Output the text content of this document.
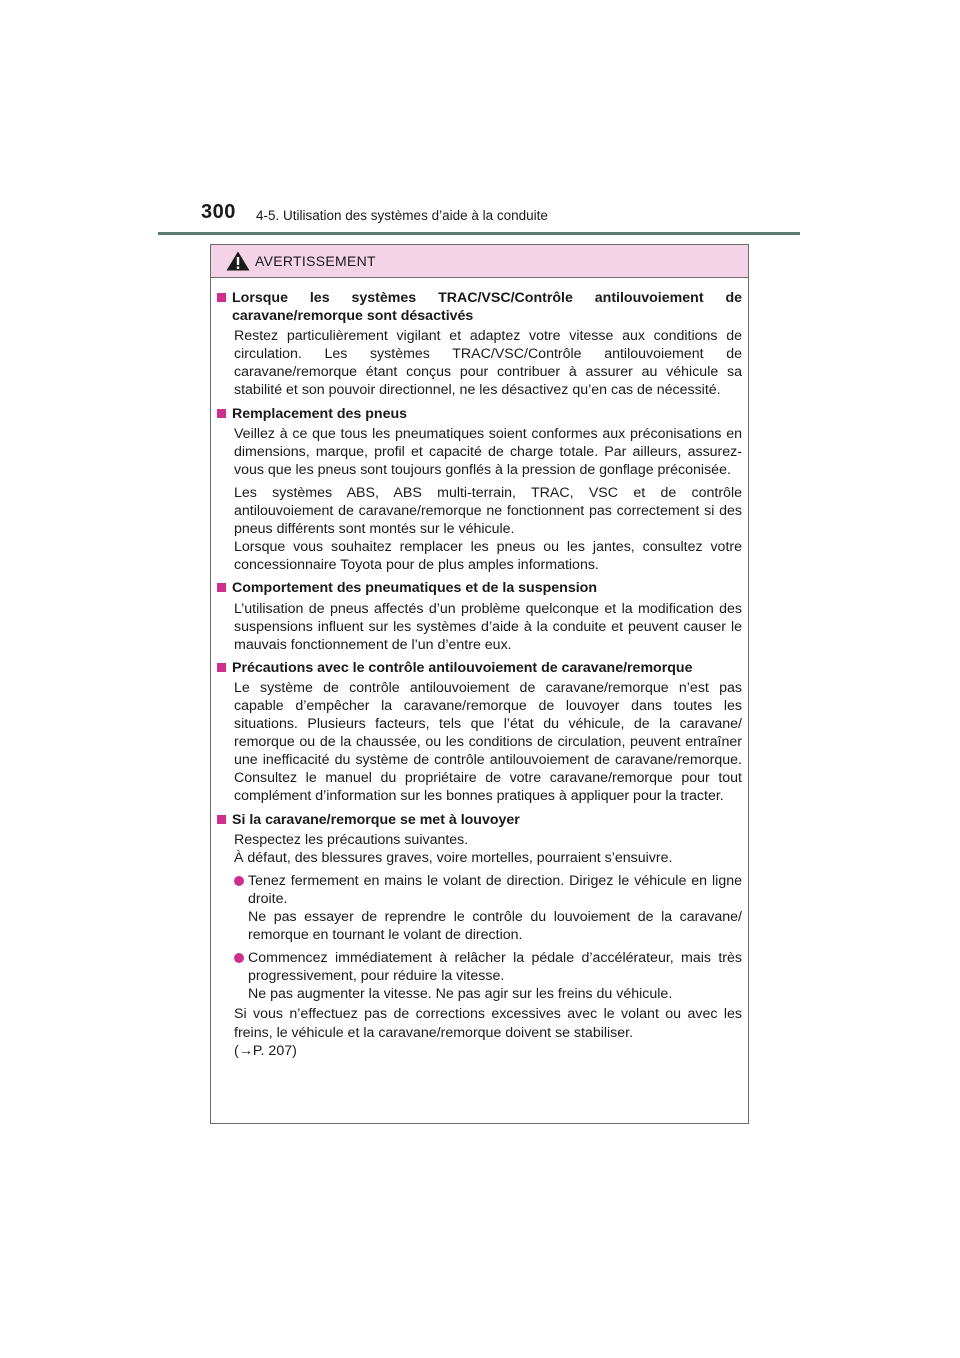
300 4-5. Utilisation des systèmes d’aide à la conduite
AVERTISSEMENT
Lorsque les systèmes TRAC/VSC/Contrôle antilouvoiement de caravane/remorque sont désactivés
Restez particulièrement vigilant et adaptez votre vitesse aux conditions de circulation. Les systèmes TRAC/VSC/Contrôle antilouvoiement de caravane/remorque étant conçus pour contribuer à assurer au véhicule sa stabilité et son pouvoir directionnel, ne les désactivez qu’en cas de nécessité.
Remplacement des pneus
Veillez à ce que tous les pneumatiques soient conformes aux préconisations en dimensions, marque, profil et capacité de charge totale. Par ailleurs, assurez-vous que les pneus sont toujours gonflés à la pression de gonflage préconisée.
Les systèmes ABS, ABS multi-terrain, TRAC, VSC et de contrôle antilouvoiement de caravane/remorque ne fonctionnent pas correctement si des pneus différents sont montés sur le véhicule.
Lorsque vous souhaitez remplacer les pneus ou les jantes, consultez votre concessionnaire Toyota pour de plus amples informations.
Comportement des pneumatiques et de la suspension
L’utilisation de pneus affectés d’un problème quelconque et la modification des suspensions influent sur les systèmes d’aide à la conduite et peuvent causer le mauvais fonctionnement de l’un d’entre eux.
Précautions avec le contrôle antilouvoiement de caravane/remorque
Le système de contrôle antilouvoiement de caravane/remorque n’est pas capable d’empêcher la caravane/remorque de louvoyer dans toutes les situations. Plusieurs facteurs, tels que l’état du véhicule, de la caravane/ remorque ou de la chaussée, ou les conditions de circulation, peuvent entraîner une inefficacité du système de contrôle antilouvoiement de caravane/remorque. Consultez le manuel du propriétaire de votre caravane/remorque pour tout complément d’information sur les bonnes pratiques à appliquer pour la tracter.
Si la caravane/remorque se met à louvoyer
Respectez les précautions suivantes.
À défaut, des blessures graves, voire mortelles, pourraient s’ensuivre.
Tenez fermement en mains le volant de direction. Dirigez le véhicule en ligne droite.
Ne pas essayer de reprendre le contrôle du louvoiement de la caravane/ remorque en tournant le volant de direction.
Commencez immédiatement à relâcher la pédale d’accélérateur, mais très progressivement, pour réduire la vitesse.
Ne pas augmenter la vitesse. Ne pas agir sur les freins du véhicule.
Si vous n’effectuez pas de corrections excessives avec le volant ou avec les freins, le véhicule et la caravane/remorque doivent se stabiliser.
(→P. 207)
